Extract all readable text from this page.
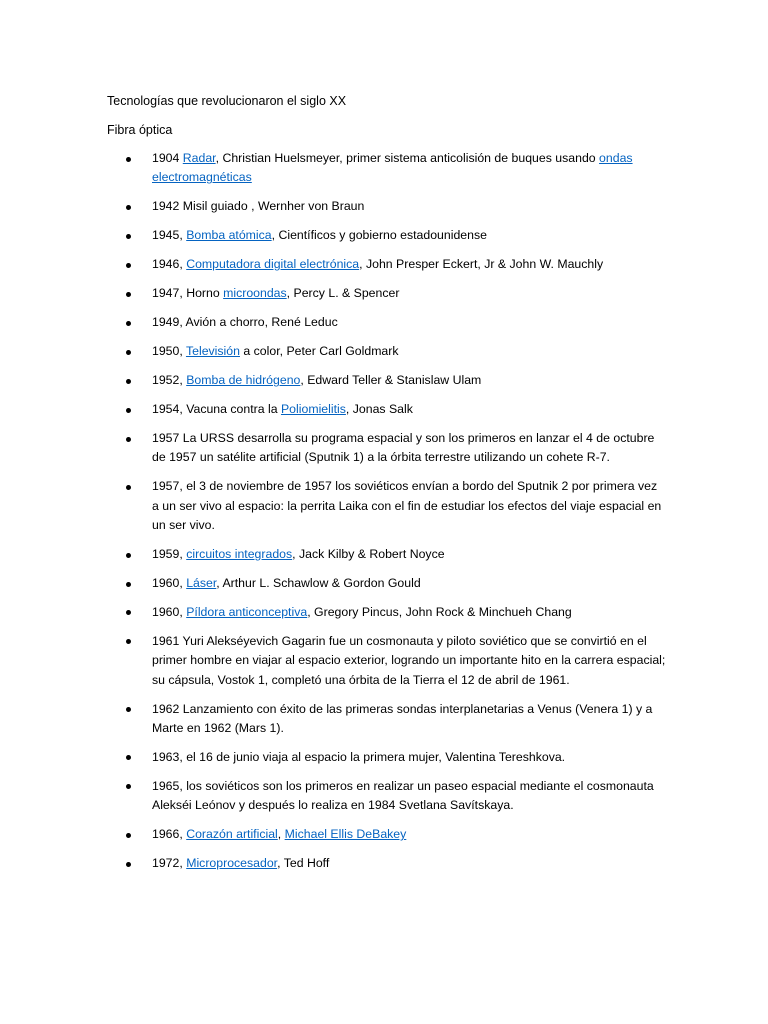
Tecnologías que revolucionaron el siglo XX

Fibra óptica

1904 Radar, Christian Huelsmeyer, primer sistema anticolisión de buques usando ondas electromagnéticas
1942 Misil guiado , Wernher von Braun
1945, Bomba atómica, Científicos y gobierno estadounidense
1946, Computadora digital electrónica, John Presper Eckert, Jr & John W. Mauchly
1947, Horno microondas, Percy L. & Spencer
1949, Avión a chorro, René Leduc
1950, Televisión a color, Peter Carl Goldmark
1952, Bomba de hidrógeno, Edward Teller & Stanislaw Ulam
1954, Vacuna contra la Poliomielitis, Jonas Salk
1957 La URSS desarrolla su programa espacial y son los primeros en lanzar el 4 de octubre de 1957 un satélite artificial (Sputnik 1) a la órbita terrestre utilizando un cohete R-7.
1957, el 3 de noviembre de 1957 los soviéticos envían a bordo del Sputnik 2 por primera vez a un ser vivo al espacio: la perrita Laika con el fin de estudiar los efectos del viaje espacial en un ser vivo.
1959, circuitos integrados, Jack Kilby & Robert Noyce
1960, Láser, Arthur L. Schawlow & Gordon Gould
1960, Píldora anticonceptiva, Gregory Pincus, John Rock & Minchueh Chang
1961 Yuri Alekséyevich Gagarin fue un cosmonauta y piloto soviético que se convirtió en el primer hombre en viajar al espacio exterior, logrando un importante hito en la carrera espacial; su cápsula, Vostok 1, completó una órbita de la Tierra el 12 de abril de 1961.
1962 Lanzamiento con éxito de las primeras sondas interplanetarias a Venus (Venera 1) y a Marte en 1962 (Mars 1).
1963, el 16 de junio viaja al espacio la primera mujer, Valentina Tereshkova.
1965, los soviéticos son los primeros en realizar un paseo espacial mediante el cosmonauta Alekséi Leónov y después lo realiza en 1984 Svetlana Savítskaya.
1966, Corazón artificial, Michael Ellis DeBakey
1972, Microprocesador, Ted Hoff
